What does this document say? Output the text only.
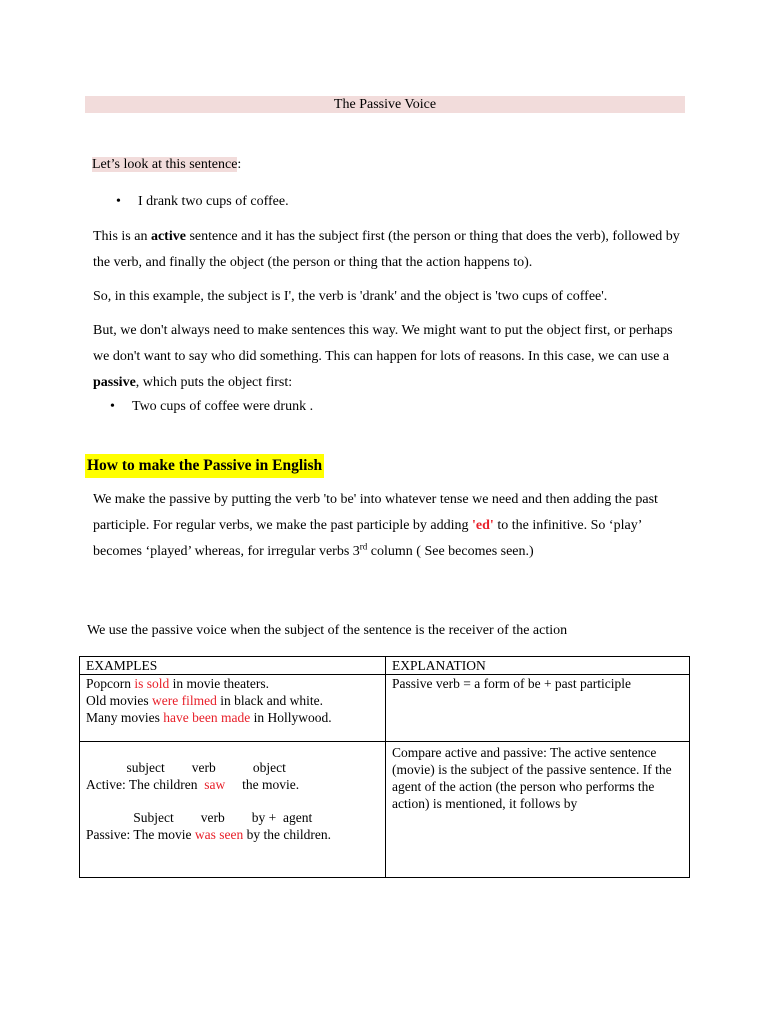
The Passive Voice
Let’s look at this sentence:
• I drank two cups of coffee.

This is an active sentence and it has the subject first (the person or thing that does the verb), followed by the verb, and finally the object (the person or thing that the action happens to).

So, in this example, the subject is I', the verb is 'drank' and the object is 'two cups of coffee'.

But, we don't always need to make sentences this way. We might want to put the object first, or perhaps we don't want to say who did something. This can happen for lots of reasons. In this case, we can use a passive, which puts the object first:

• Two cups of coffee were drunk .
How to make the Passive in English

We make the passive by putting the verb 'to be' into whatever tense we need and then adding the past participle. For regular verbs, we make the past participle by adding 'ed' to the infinitive. So ‘play’ becomes ‘played’ whereas, for irregular verbs 3rd column ( See becomes seen.)

We use the passive voice when the subject of the sentence is the receiver of the action

EXAMPLES	EXPLANATION

Popcorn is sold in movie theaters.
Old movies were filmed in black and white.
Many movies have been made in Hollywood.	Passive verb = a form of be + past participle

subject        verb           object
Active: The children  saw     the movie.
Subject        verb        by +  agent
Passive: The movie was seen by the children.	Compare active and passive: The active sentence (movie) is the subject of the passive sentence. If the agent of the action (the person who performs the action) is mentioned, it follows by
